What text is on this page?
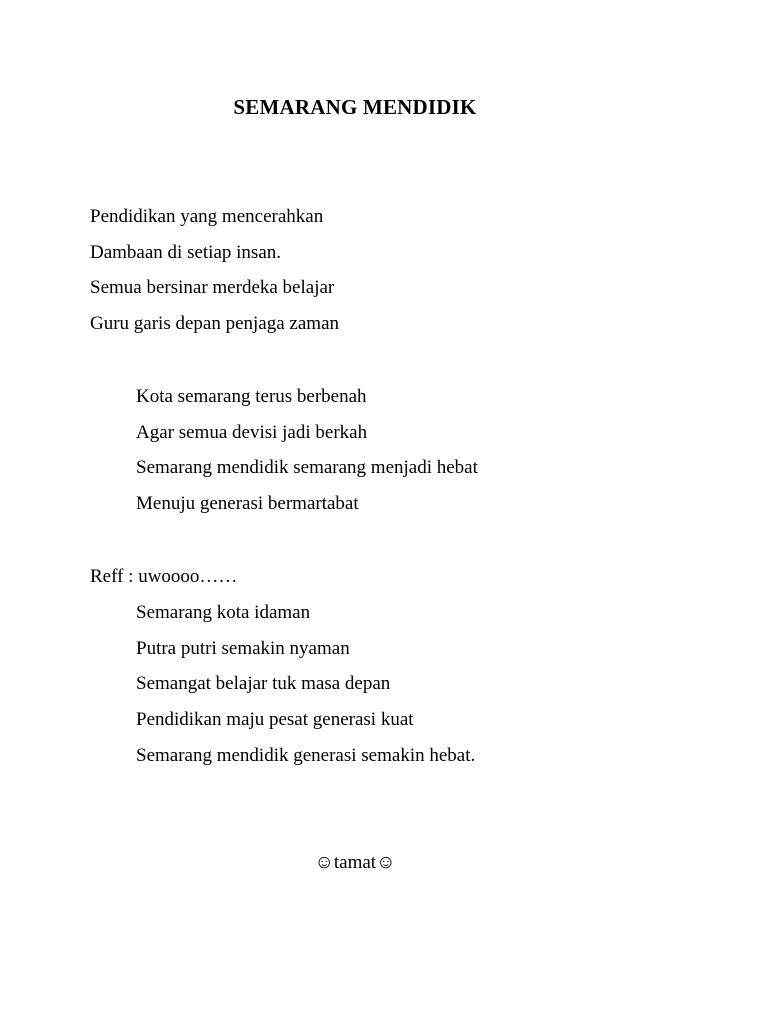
SEMARANG MENDIDIK
Pendidikan yang mencerahkan
Dambaan di setiap insan.
Semua bersinar merdeka belajar
Guru garis depan penjaga zaman
Kota semarang terus berbenah
Agar semua devisi jadi berkah
Semarang mendidik semarang menjadi hebat
Menuju generasi bermartabat
Reff : uwoooo……
Semarang kota idaman
Putra putri semakin nyaman
Semangat belajar tuk masa depan
Pendidikan maju pesat generasi kuat
Semarang mendidik generasi semakin hebat.
☺tamat☺
